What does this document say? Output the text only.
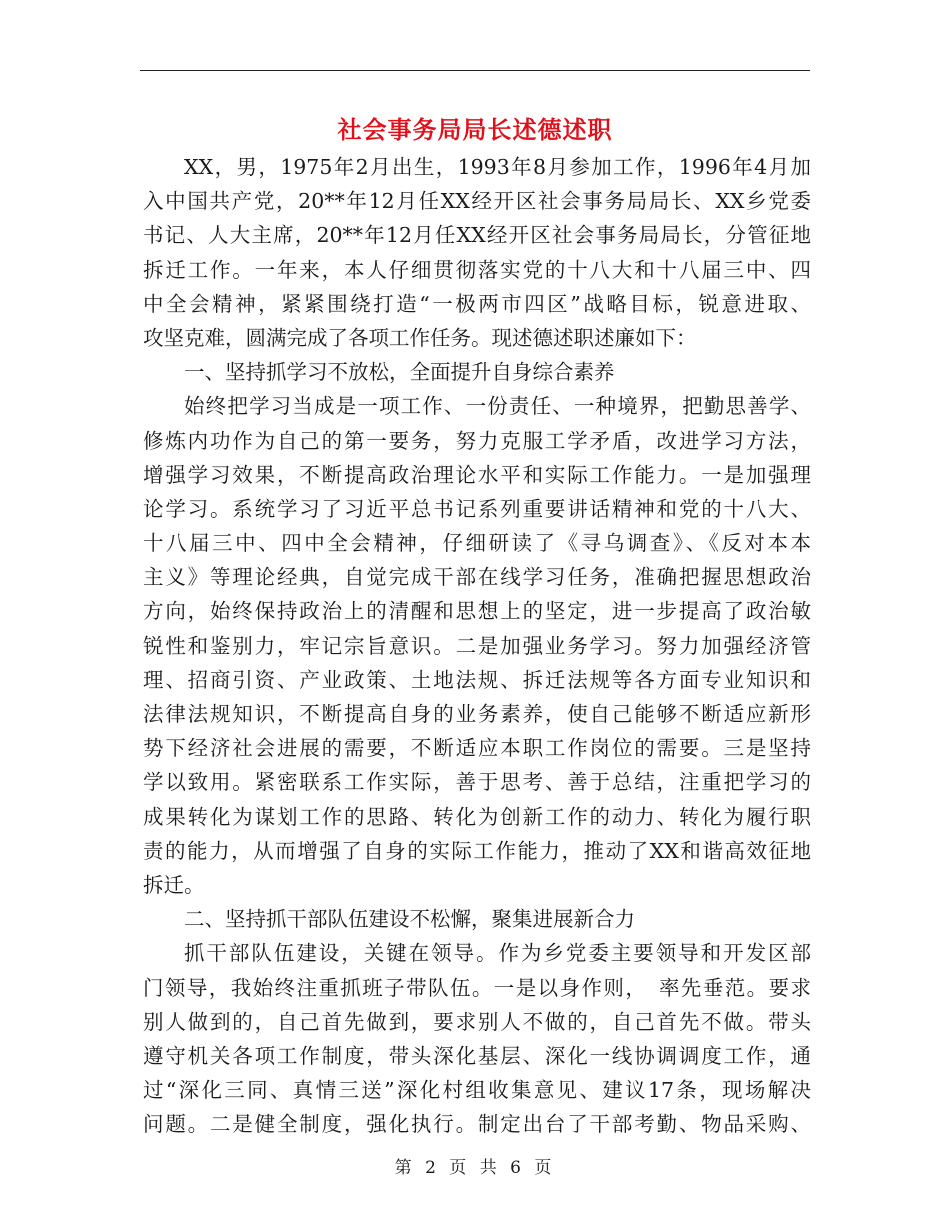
社会事务局局长述德述职
XX，男，1975年2月出生，1993年8月参加工作，1996年4月加
入中国共产党，20**年12月任XX经开区社会事务局局长、XX乡党委
书记、人大主席，20**年12月任XX经开区社会事务局局长，分管征地
拆迁工作。一年来，本人仔细贯彻落实党的十八大和十八届三中、四
中全会精神，紧紧围绕打造“一极两市四区”战略目标，锐意进取、
攻坚克难，圆满完成了各项工作任务。现述德述职述廉如下：
一、坚持抓学习不放松，全面提升自身综合素养
始终把学习当成是一项工作、一份责任、一种境界，把勤思善学、
修炼内功作为自己的第一要务，努力克服工学矛盾，改进学习方法，
增强学习效果，不断提高政治理论水平和实际工作能力。一是加强理
论学习。系统学习了习近平总书记系列重要讲话精神和党的十八大、
十八届三中、四中全会精神，仔细研读了《寻乌调查》、《反对本本
主义》等理论经典，自觉完成干部在线学习任务，准确把握思想政治
方向，始终保持政治上的清醒和思想上的坚定，进一步提高了政治敏
锐性和鉴别力，牢记宗旨意识。二是加强业务学习。努力加强经济管
理、招商引资、产业政策、土地法规、拆迁法规等各方面专业知识和
法律法规知识，不断提高自身的业务素养，使自己能够不断适应新形
势下经济社会进展的需要，不断适应本职工作岗位的需要。三是坚持
学以致用。紧密联系工作实际，善于思考、善于总结，注重把学习的
成果转化为谋划工作的思路、转化为创新工作的动力、转化为履行职
责的能力，从而增强了自身的实际工作能力，推动了XX和谐高效征地
拆迁。
二、坚持抓干部队伍建设不松懈，聚集进展新合力
抓干部队伍建设，关键在领导。作为乡党委主要领导和开发区部
门领导，我始终注重抓班子带队伍。一是以身作则，　率先垂范。要求
别人做到的，自己首先做到，要求别人不做的，自己首先不做。带头
遵守机关各项工作制度，带头深化基层、深化一线协调调度工作，通
过“深化三同、真情三送”深化村组收集意见、建议17条，现场解决
问题。二是健全制度，强化执行。制定出台了干部考勤、物品采购、
第 2 页 共 6 页
